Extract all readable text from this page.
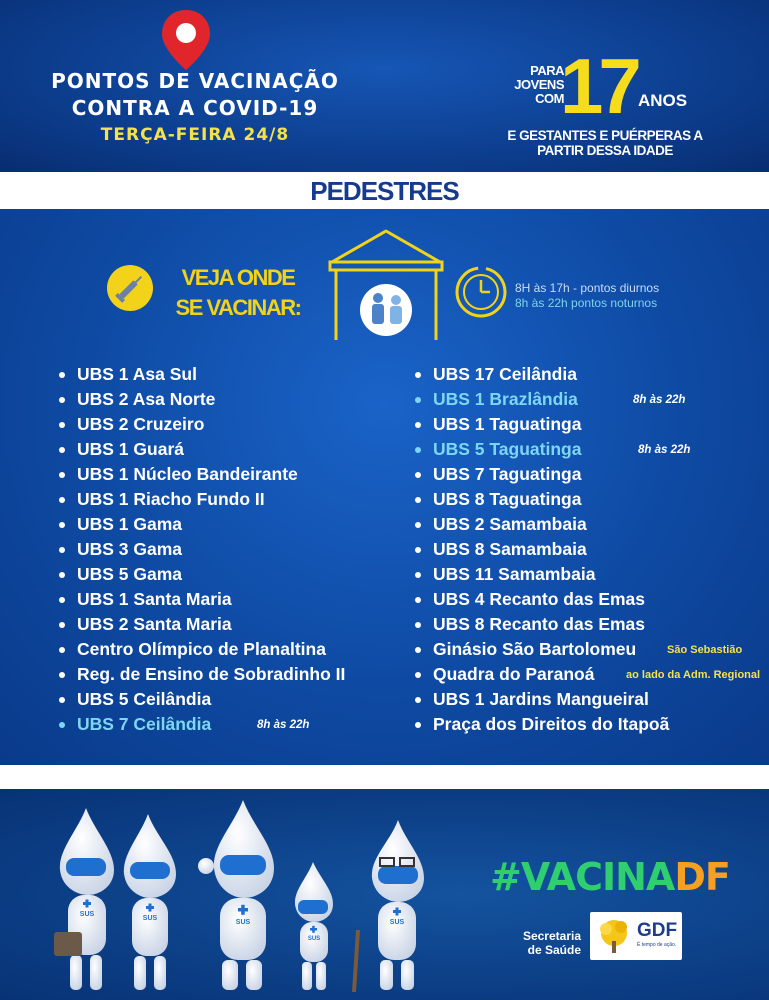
PONTOS DE VACINAÇÃO
CONTRA A COVID-19
TERÇA-FEIRA 24/8
PARA
JOVENS
COM
17 ANOS
E GESTANTES E PUÉRPERAS A
PARTIR DESSA IDADE
PEDESTRES
VEJA ONDE
SE VACINAR:
8H às 17h - pontos diurnos
8h às 22h pontos noturnos
UBS 1 Asa Sul
UBS 2 Asa Norte
UBS 2 Cruzeiro
UBS 1 Guará
UBS 1 Núcleo Bandeirante
UBS 1 Riacho Fundo II
UBS 1 Gama
UBS 3 Gama
UBS 5 Gama
UBS 1 Santa Maria
UBS 2 Santa Maria
Centro Olímpico de Planaltina
Reg. de Ensino de Sobradinho II
UBS 5 Ceilândia
UBS 7 Ceilândia	8h às 22h
UBS 17 Ceilândia
UBS 1 Brazlândia	8h às 22h
UBS 1 Taguatinga
UBS 5 Taguatinga	8h às 22h
UBS 7 Taguatinga
UBS 8 Taguatinga
UBS 2 Samambaia
UBS 8 Samambaia
UBS 11 Samambaia
UBS 4 Recanto das Emas
UBS 8 Recanto das Emas
Ginásio São Bartolomeu	São Sebastião
Quadra do Paranoá	ao lado da Adm. Regional
UBS 1 Jardins Mangueiral
Praça dos Direitos do Itapoã
SUS
SUS
SUS
SUS
SUS
#VACINADF
Secretaria
de Saúde
GDF
É tempo de ação.
